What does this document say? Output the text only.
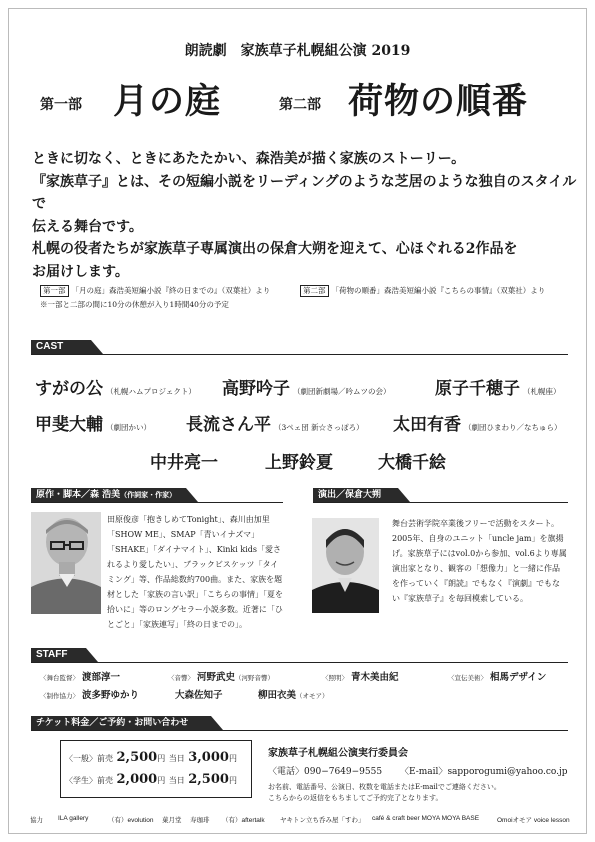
朗読劇　家族草子札幌組公演 2019
第一部 月の庭	第二部 荷物の順番

ときに切なく、ときにあたたかい、森浩美が描く家族のストーリー。

『家族草子』とは、その短編小説をリーディングのような芝居のような独自のスタイルで

伝える舞台です。

札幌の役者たちが家族草子専属演出の保倉大朔を迎えて、心ほぐれる2作品を

お届けします。

第一部 「月の庭」森浩美短編小説『終の日までの』（双葉社）より	第二部 「荷物の順番」森浩美短編小説『こちらの事情』（双葉社）より
※一部と二部の間に10分の休憩が入り1時間40分の予定
CAST
すがの公 （札幌ハムプロジェクト） 高野吟子 （劇団新劇場／吟ムツの会）	原子千穂子 （札幌座）
甲斐大輔 （劇団かい） 長流さん平 （3ペェ団 新☆さっぽろ） 太田有香 （劇団ひまわり／なちゅら）
中井亮一	上野鈴夏	大橋千絵
原作・脚本／森 浩美（作詞家・作家）
田原俊彦「抱きしめてTonight」、森川由加里「SHOW ME」、SMAP「青いイナズマ」「SHAKE」「ダイナマイト」、Kinki kids「愛されるより愛したい」、ブラックビスケッツ「タイミング」等、作品総数約700曲。また、家族を題材とした「家族の言い訳」「こちらの事情」「夏を拾いに」等のロングセラー小説多数。近著に「ひとごと」「家族連写」「終の日までの」。
演出／保倉大朔
舞台芸術学院卒業後フリーで活動をスタート。2005年、自身のユニット「uncle jam」を旗揚げ。家族草子にはvol.0から参加、vol.6より専属演出家となり、観客の「想像力」と一緒に作品を作っていく『朗読』でもなく『演劇』でもない『家族草子』を毎回模索している。
STAFF
〈舞台監督〉 渡部淳一	〈音響〉 河野武史（河野音響）	〈照明〉 青木美由紀	〈宣伝美術〉 相馬デザイン
〈制作協力〉 波多野ゆかり	大森佐知子	柳田衣美（オモア）
チケット料金／ご予約・お問い合わせ
〈一般〉前売 2,500円 当日 3,000円
〈学生〉前売 2,000円 当日 2,500円
家族草子札幌組公演実行委員会
〈電話〉090−7649−9555 〈E-mail〉sapporogumi@yahoo.co.jp
お名前、電話番号、公演日、枚数を電話またはE-mailでご連絡ください。
こちらからの返信をもちましてご予約完了となります。
協力 ILA gallery	（有）evolution 菓月堂 寿珈琲 （有）aftertalk ヤキトン立ち呑み屋「すわ」 café & craft beer MOYA MOYA BASE	Omoiオモア voice lesson
